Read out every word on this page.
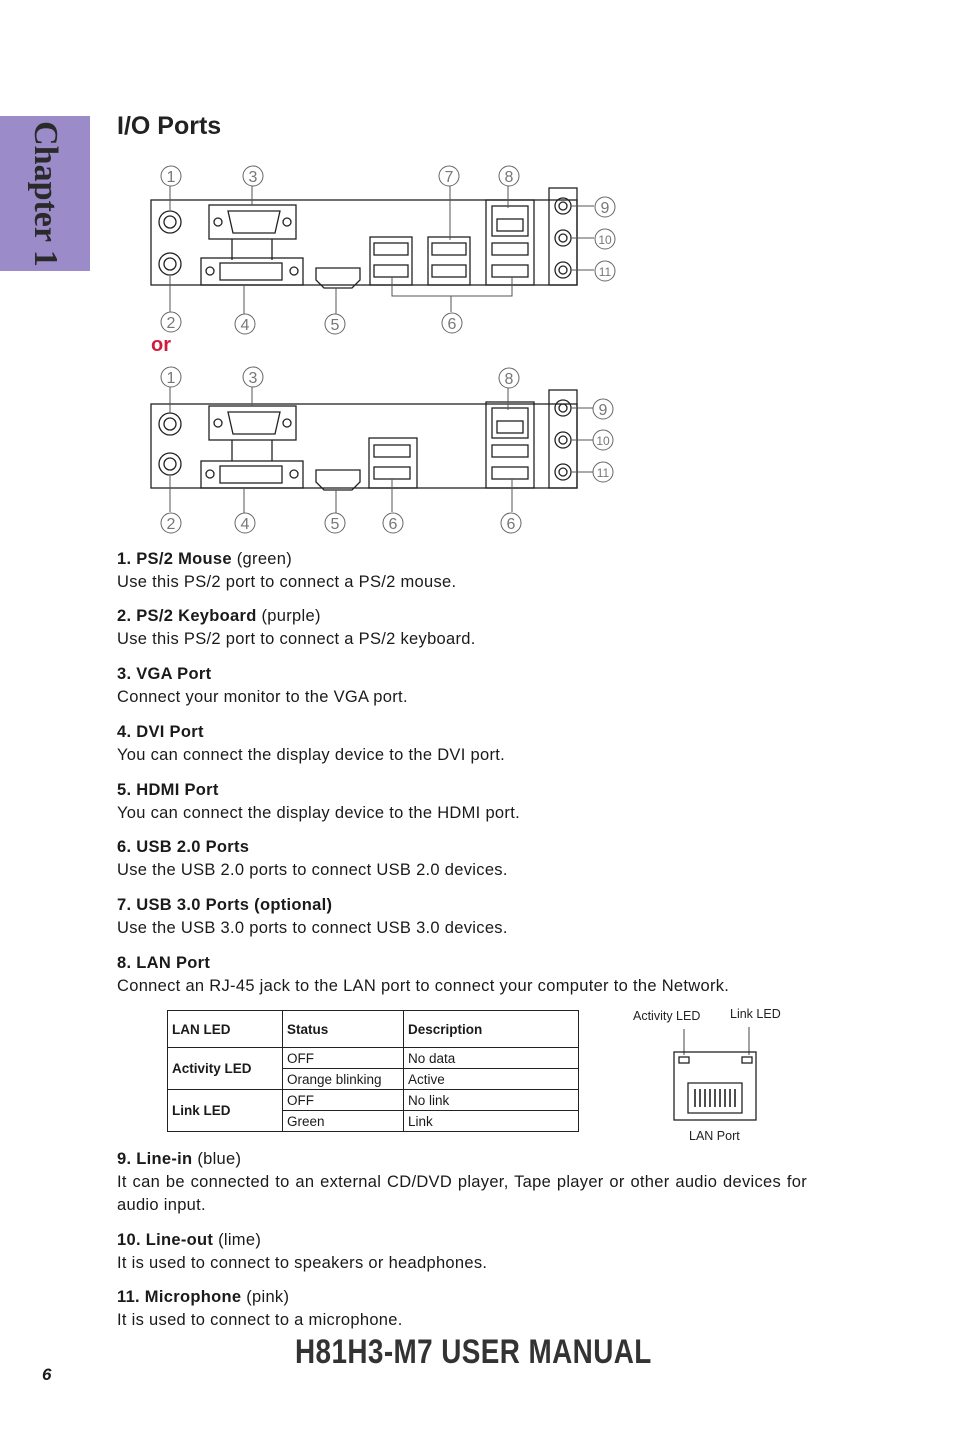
Chapter 1 I/O Ports
1
2
3
4	5	6
7	8
9
10
11
1
2
3
4	5	6	6
8
9
10
11
or

1. PS/2 Mouse (green)

Use this PS/2 port to connect a PS/2 mouse.

2. PS/2 Keyboard (purple)

Use this PS/2 port to connect a PS/2 keyboard.

3. VGA Port

Connect your monitor to the VGA port.

4. DVI Port

You can connect the display device to the DVI port.

5. HDMI Port

You can connect the display device to the HDMI port.

6. USB 2.0 Ports

Use the USB 2.0 ports to connect USB 2.0 devices.

7. USB 3.0 Ports (optional)

Use the USB 3.0 ports to connect USB 3.0 devices.

8. LAN Port

Connect an RJ-45 jack to the LAN port to connect your computer to the Network.

LAN LED	Status	Description
Activity LED	OFF	No data
	Orange blinking	Active
Link LED	OFF	No link
	Green	Link
Activity LED Link LED
LAN Port

9. Line-in (blue)

It can be connected to an external CD/DVD player, Tape player or other audio devices for audio input.

10. Line-out (lime)

It is used to connect to speakers or headphones.

11. Microphone (pink)

It is used to connect to a microphone.

H81H3-M7 USER MANUAL
6
